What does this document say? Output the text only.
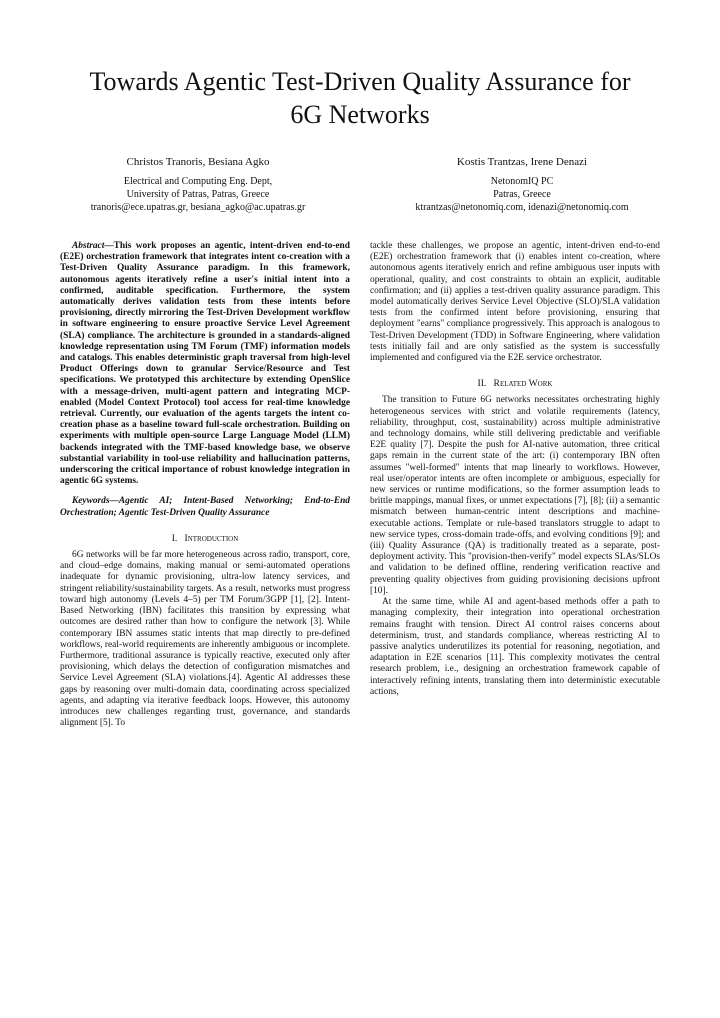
Towards Agentic Test-Driven Quality Assurance for
6G Networks
Christos Tranoris, Besiana Agko
Electrical and Computing Eng. Dept,
University of Patras, Patras, Greece
tranoris@ece.upatras.gr, besiana_agko@ac.upatras.gr
Kostis Trantzas, Irene Denazi
NetonomIQ PC
Patras, Greece
ktrantzas@netonomiq.com, idenazi@netonomiq.com

Abstract—This work proposes an agentic, intent-driven end-to-end (E2E) orchestration framework that integrates intent co-creation with a Test-Driven Quality Assurance paradigm. In this framework, autonomous agents iteratively refine a user's initial intent into a confirmed, auditable specification. Furthermore, the system automatically derives validation tests from these intents before provisioning, directly mirroring the Test-Driven Development workflow in software engineering to ensure proactive Service Level Agreement (SLA) compliance. The architecture is grounded in a standards-aligned knowledge representation using TM Forum (TMF) information models and catalogs. This enables deterministic graph traversal from high-level Product Offerings down to granular Service/Resource and Test specifications. We prototyped this architecture by extending OpenSlice with a message-driven, multi-agent pattern and integrating MCP-enabled (Model Context Protocol) tool access for real-time knowledge retrieval. Currently, our evaluation of the agents targets the intent co-creation phase as a baseline toward full-scale orchestration. Building on experiments with multiple open-source Large Language Model (LLM) backends integrated with the TMF-based knowledge base, we observe substantial variability in tool-use reliability and hallucination patterns, underscoring the critical importance of robust knowledge integration in agentic 6G systems.

Keywords—Agentic AI; Intent-Based Networking; End-to-End Orchestration; Agentic Test-Driven Quality Assurance

I. Introduction

6G networks will be far more heterogeneous across radio, transport, core, and cloud–edge domains, making manual or semi-automated operations inadequate for dynamic provisioning, ultra-low latency services, and stringent reliability/sustainability targets. As a result, networks must progress toward high autonomy (Levels 4–5) per TM Forum/3GPP [1], [2]. Intent-Based Networking (IBN) facilitates this transition by expressing what outcomes are desired rather than how to configure the network [3]. While contemporary IBN assumes static intents that map directly to pre-defined workflows, real-world requirements are inherently ambiguous or incomplete. Furthermore, traditional assurance is typically reactive, executed only after provisioning, which delays the detection of configuration mismatches and Service Level Agreement (SLA) violations.[4]. Agentic AI addresses these gaps by reasoning over multi-domain data, coordinating across specialized agents, and adapting via iterative feedback loops. However, this autonomy introduces new challenges regarding trust, governance, and standards alignment [5]. To

tackle these challenges, we propose an agentic, intent-driven end-to-end (E2E) orchestration framework that (i) enables intent co-creation, where autonomous agents iteratively enrich and refine ambiguous user inputs with operational, quality, and cost constraints to obtain an explicit, auditable confirmation; and (ii) applies a test-driven quality assurance paradigm. This model automatically derives Service Level Objective (SLO)/SLA validation tests from the confirmed intent before provisioning, ensuring that deployment "earns" compliance progressively. This approach is analogous to Test-Driven Development (TDD) in Software Engineering, where validation tests initially fail and are only satisfied as the system is successfully implemented and configured via the E2E service orchestrator.

II. Related Work

The transition to Future 6G networks necessitates orchestrating highly heterogeneous services with strict and volatile requirements (latency, reliability, throughput, cost, sustainability) across multiple administrative and technology domains, while still delivering predictable and verifiable E2E quality [7]. Despite the push for AI-native automation, three critical gaps remain in the current state of the art: (i) contemporary IBN often assumes "well-formed" intents that map linearly to workflows. However, real user/operator intents are often incomplete or ambiguous, especially for new services or runtime modifications, so the former assumption leads to brittle mappings, manual fixes, or unmet expectations [7], [8]; (ii) a semantic mismatch between human-centric intent descriptions and machine-executable actions. Template or rule-based translators struggle to adapt to new service types, cross-domain trade-offs, and evolving conditions [9]; and (iii) Quality Assurance (QA) is traditionally treated as a separate, post-deployment activity. This "provision-then-verify" model expects SLAs/SLOs and validation to be defined offline, rendering verification reactive and preventing quality objectives from guiding provisioning decisions upfront [10].

At the same time, while AI and agent-based methods offer a path to managing complexity, their integration into operational orchestration remains fraught with tension. Direct AI control raises concerns about determinism, trust, and standards compliance, whereas restricting AI to passive analytics underutilizes its potential for reasoning, negotiation, and adaptation in E2E scenarios [11]. This complexity motivates the central research problem, i.e., designing an orchestration framework capable of interactively refining intents, translating them into deterministic executable actions,
